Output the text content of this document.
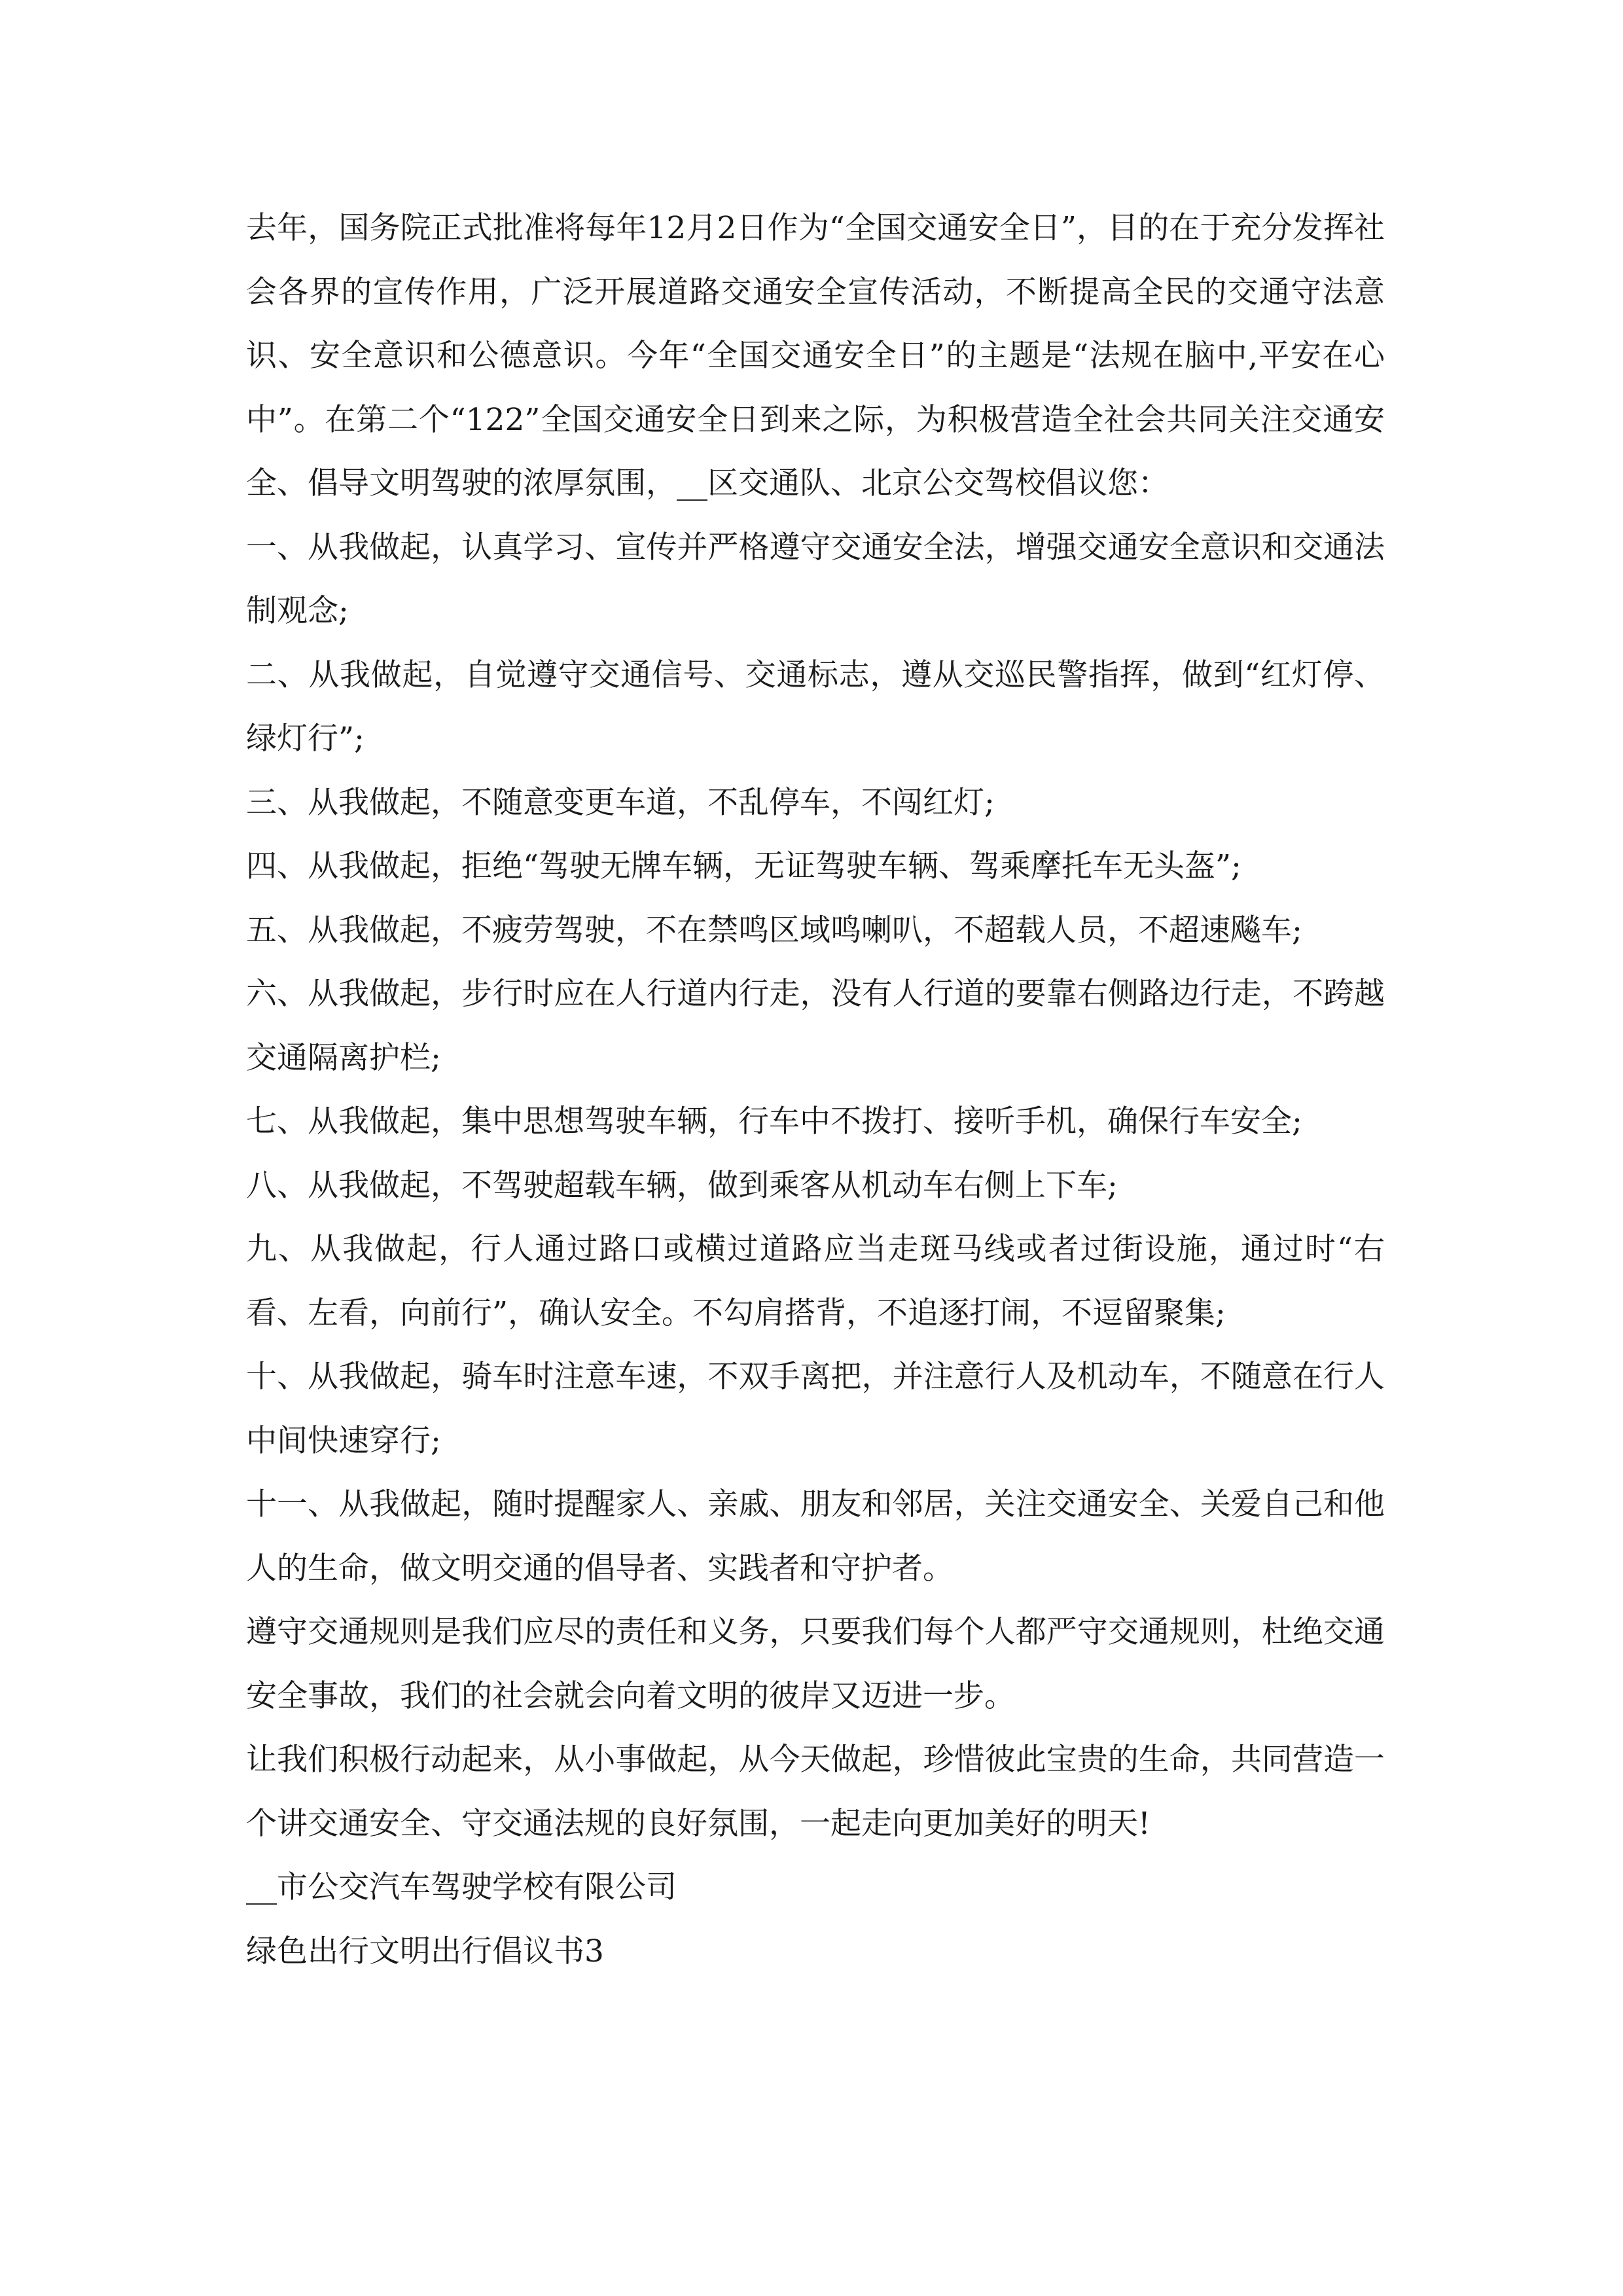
去年，国务院正式批准将每年12月2日作为“全国交通安全日”，目的在于充分发挥社会各界的宣传作用，广泛开展道路交通安全宣传活动，不断提高全民的交通守法意识、安全意识和公德意识。今年“全国交通安全日”的主题是“法规在脑中,平安在心中”。在第二个“122”全国交通安全日到来之际，为积极营造全社会共同关注交通安全、倡导文明驾驶的浓厚氛围，__区交通队、北京公交驾校倡议您：

一、从我做起，认真学习、宣传并严格遵守交通安全法，增强交通安全意识和交通法制观念;

二、从我做起，自觉遵守交通信号、交通标志，遵从交巡民警指挥，做到“红灯停、绿灯行”;

三、从我做起，不随意变更车道，不乱停车，不闯红灯;

四、从我做起，拒绝“驾驶无牌车辆，无证驾驶车辆、驾乘摩托车无头盔”;

五、从我做起，不疲劳驾驶，不在禁鸣区域鸣喇叭，不超载人员，不超速飚车;

六、从我做起，步行时应在人行道内行走，没有人行道的要靠右侧路边行走，不跨越交通隔离护栏;

七、从我做起，集中思想驾驶车辆，行车中不拨打、接听手机，确保行车安全;

八、从我做起，不驾驶超载车辆，做到乘客从机动车右侧上下车;

九、从我做起，行人通过路口或横过道路应当走斑马线或者过街设施，通过时“右看、左看，向前行”，确认安全。不勾肩搭背，不追逐打闹，不逗留聚集;

十、从我做起，骑车时注意车速，不双手离把，并注意行人及机动车，不随意在行人中间快速穿行;

十一、从我做起，随时提醒家人、亲戚、朋友和邻居，关注交通安全、关爱自己和他人的生命，做文明交通的倡导者、实践者和守护者。

遵守交通规则是我们应尽的责任和义务，只要我们每个人都严守交通规则，杜绝交通安全事故，我们的社会就会向着文明的彼岸又迈进一步。

让我们积极行动起来，从小事做起，从今天做起，珍惜彼此宝贵的生命，共同营造一个讲交通安全、守交通法规的良好氛围，一起走向更加美好的明天!

__市公交汽车驾驶学校有限公司

绿色出行文明出行倡议书3
